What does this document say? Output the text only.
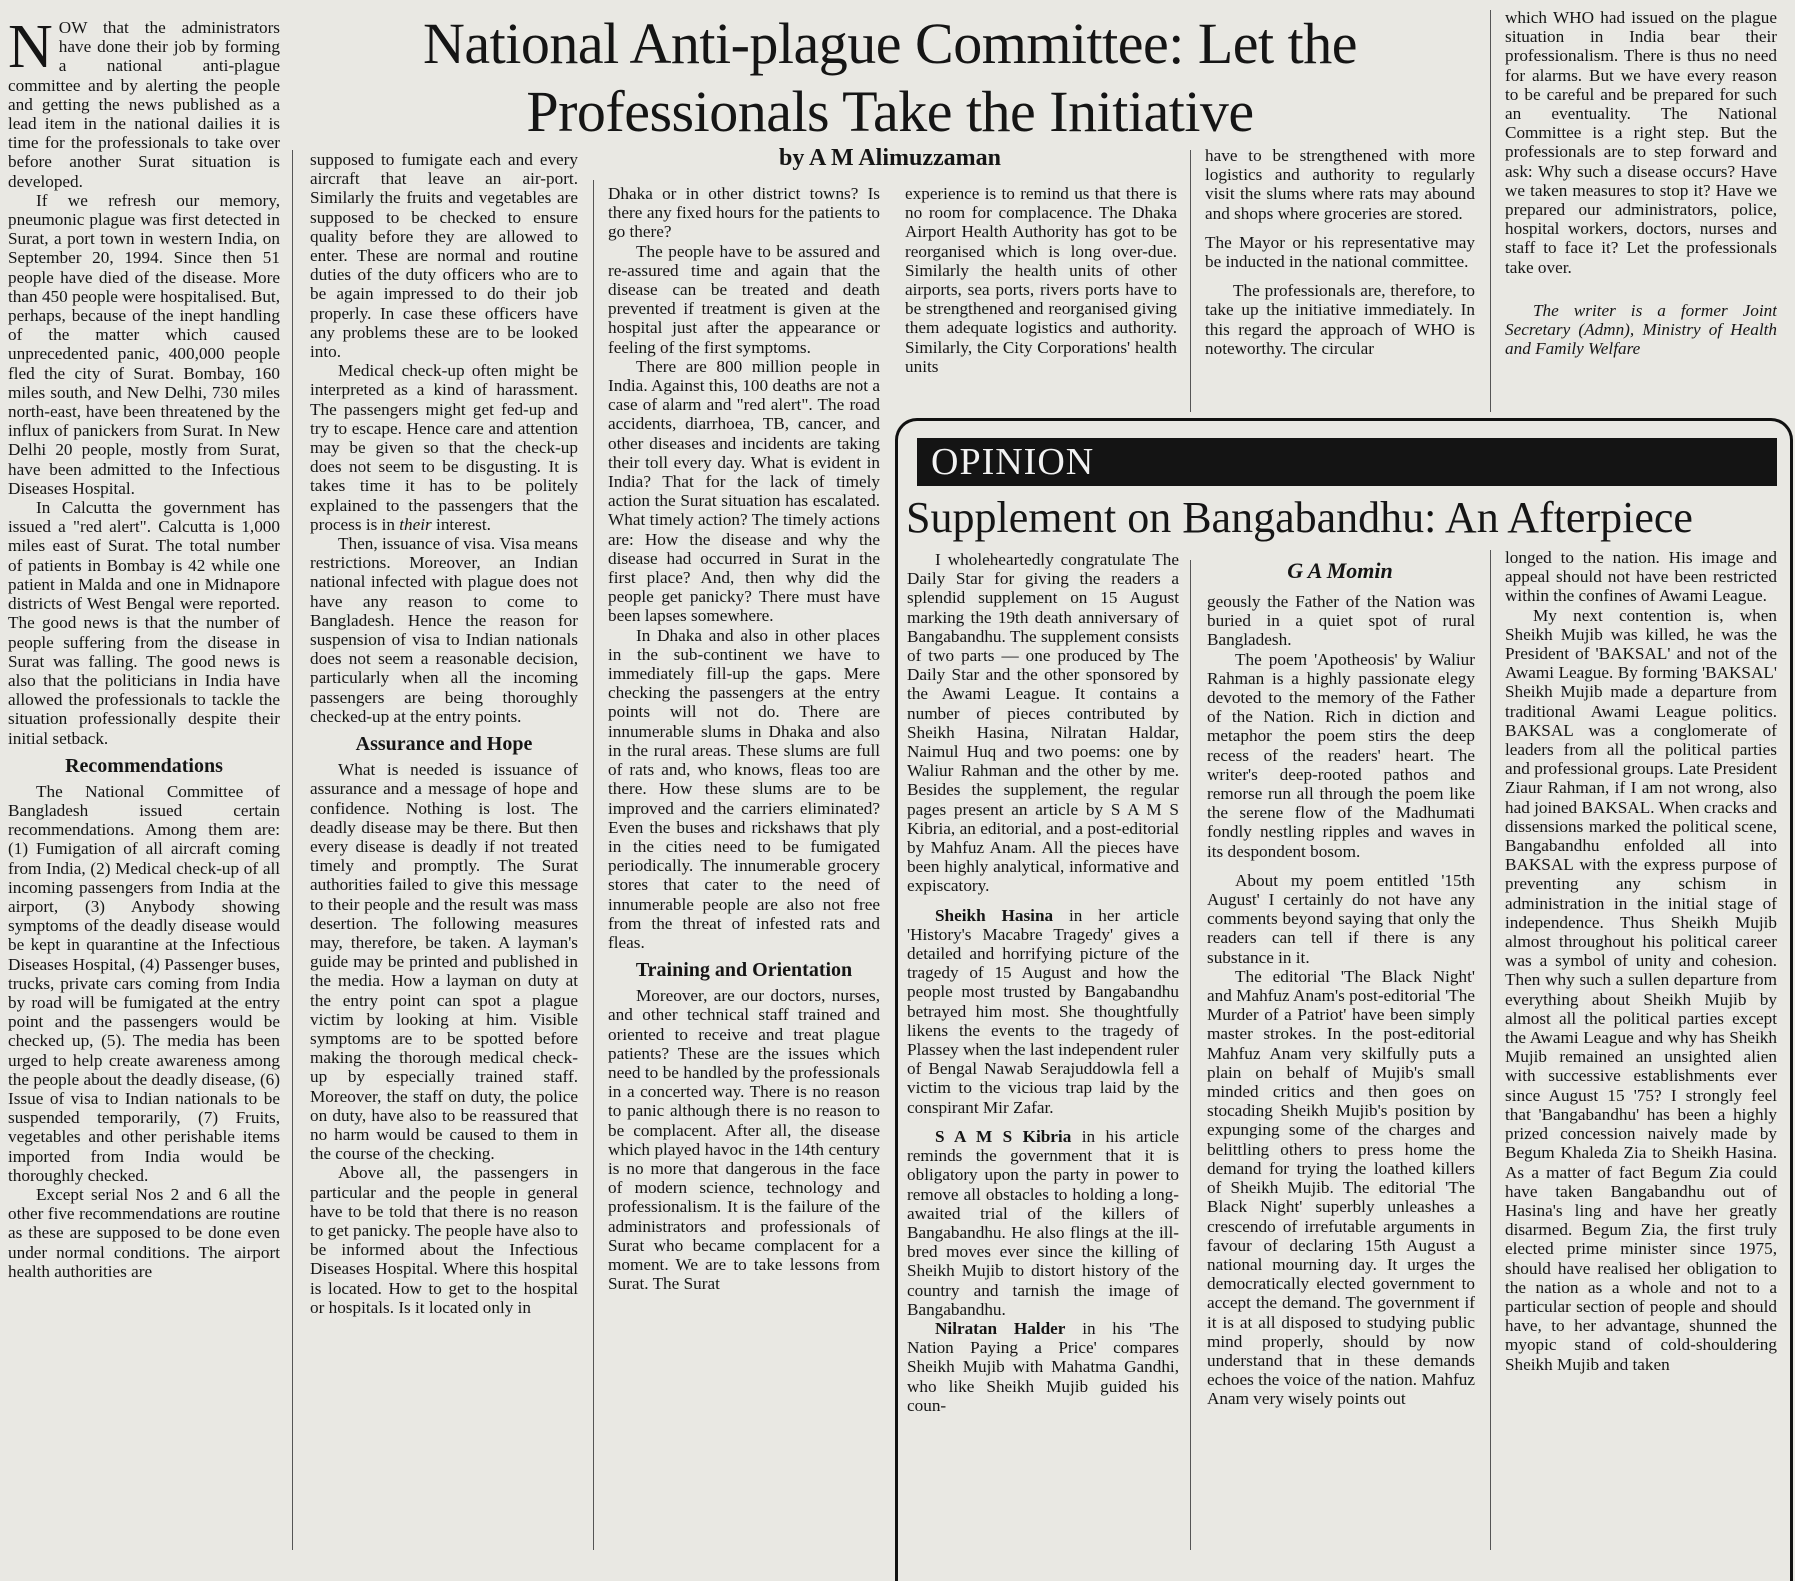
National Anti-plague Committee: Let the
Professionals Take the Initiative
by A M Alimuzzaman

NOW that the administrators have done their job by forming a national anti-plague committee and by alerting the people and getting the news published as a lead item in the national dailies it is time for the professionals to take over before another Surat situation is developed.

If we refresh our memory, pneumonic plague was first detected in Surat, a port town in western India, on September 20, 1994. Since then 51 people have died of the disease. More than 450 people were hospitalised. But, perhaps, because of the inept handling of the matter which caused unprecedented panic, 400,000 people fled the city of Surat. Bombay, 160 miles south, and New Delhi, 730 miles north-east, have been threatened by the influx of panickers from Surat. In New Delhi 20 people, mostly from Surat, have been admitted to the Infectious Diseases Hospital.

In Calcutta the government has issued a "red alert". Calcutta is 1,000 miles east of Surat. The total number of patients in Bombay is 42 while one patient in Malda and one in Midnapore districts of West Bengal were reported. The good news is that the number of people suffering from the disease in Surat was falling. The good news is also that the politicians in India have allowed the professionals to tackle the situation professionally despite their initial setback.

Recommendations

The National Committee of Bangladesh issued certain recommendations. Among them are: (1) Fumigation of all aircraft coming from India, (2) Medical check-up of all incoming passengers from India at the airport, (3) Anybody showing symptoms of the deadly disease would be kept in quarantine at the Infectious Diseases Hospital, (4) Passenger buses, trucks, private cars coming from India by road will be fumigated at the entry point and the passengers would be checked up, (5). The media has been urged to help create awareness among the people about the deadly disease, (6) Issue of visa to Indian nationals to be suspended temporarily, (7) Fruits, vegetables and other perishable items imported from India would be thoroughly checked.

Except serial Nos 2 and 6 all the other five recommendations are routine as these are supposed to be done even under normal conditions. The airport health authorities are

supposed to fumigate each and every aircraft that leave an air-port. Similarly the fruits and vegetables are supposed to be checked to ensure quality before they are allowed to enter. These are normal and routine duties of the duty officers who are to be again impressed to do their job properly. In case these officers have any problems these are to be looked into.

Medical check-up often might be interpreted as a kind of harassment. The passengers might get fed-up and try to escape. Hence care and attention may be given so that the check-up does not seem to be disgusting. It is takes time it has to be politely explained to the passengers that the process is in their interest.

Then, issuance of visa. Visa means restrictions. Moreover, an Indian national infected with plague does not have any reason to come to Bangladesh. Hence the reason for suspension of visa to Indian nationals does not seem a reasonable decision, particularly when all the incoming passengers are being thoroughly checked-up at the entry points.

Assurance and Hope

What is needed is issuance of assurance and a message of hope and confidence. Nothing is lost. The deadly disease may be there. But then every disease is deadly if not treated timely and promptly. The Surat authorities failed to give this message to their people and the result was mass desertion. The following measures may, therefore, be taken. A layman's guide may be printed and published in the media. How a layman on duty at the entry point can spot a plague victim by looking at him. Visible symptoms are to be spotted before making the thorough medical check-up by especially trained staff. Moreover, the staff on duty, the police on duty, have also to be reassured that no harm would be caused to them in the course of the checking.

Above all, the passengers in particular and the people in general have to be told that there is no reason to get panicky. The people have also to be informed about the Infectious Diseases Hospital. Where this hospital is located. How to get to the hospital or hospitals. Is it located only in

Dhaka or in other district towns? Is there any fixed hours for the patients to go there?

The people have to be assured and re-assured time and again that the disease can be treated and death prevented if treatment is given at the hospital just after the appearance or feeling of the first symptoms.

There are 800 million people in India. Against this, 100 deaths are not a case of alarm and "red alert". The road accidents, diarrhoea, TB, cancer, and other diseases and incidents are taking their toll every day. What is evident in India? That for the lack of timely action the Surat situation has escalated. What timely action? The timely actions are: How the disease and why the disease had occurred in Surat in the first place? And, then why did the people get panicky? There must have been lapses somewhere.

In Dhaka and also in other places in the sub-continent we have to immediately fill-up the gaps. Mere checking the passengers at the entry points will not do. There are innumerable slums in Dhaka and also in the rural areas. These slums are full of rats and, who knows, fleas too are there. How these slums are to be improved and the carriers eliminated? Even the buses and rickshaws that ply in the cities need to be fumigated periodically. The innumerable grocery stores that cater to the need of innumerable people are also not free from the threat of infested rats and fleas.

Training and Orientation

Moreover, are our doctors, nurses, and other technical staff trained and oriented to receive and treat plague patients? These are the issues which need to be handled by the professionals in a concerted way. There is no reason to panic although there is no reason to be complacent. After all, the disease which played havoc in the 14th century is no more that dangerous in the face of modern science, technology and professionalism. It is the failure of the administrators and professionals of Surat who became complacent for a moment. We are to take lessons from Surat. The Surat

experience is to remind us that there is no room for complacence. The Dhaka Airport Health Authority has got to be reorganised which is long over-due. Similarly the health units of other airports, sea ports, rivers ports have to be strengthened and reorganised giving them adequate logistics and authority. Similarly, the City Corporations' health units

have to be strengthened with more logistics and authority to regularly visit the slums where rats may abound and shops where groceries are stored.

The Mayor or his representative may be inducted in the national committee.

The professionals are, therefore, to take up the initiative immediately. In this regard the approach of WHO is noteworthy. The circular

which WHO had issued on the plague situation in India bear their professionalism. There is thus no need for alarms. But we have every reason to be careful and be prepared for such an eventuality. The National Committee is a right step. But the professionals are to step forward and ask: Why such a disease occurs? Have we taken measures to stop it? Have we prepared our administrators, police, hospital workers, doctors, nurses and staff to face it? Let the professionals take over.

The writer is a former Joint Secretary (Admn), Ministry of Health and Family Welfare

OPINION
Supplement on Bangabandhu: An Afterpiece
G A Momin

I wholeheartedly congratulate The Daily Star for giving the readers a splendid supplement on 15 August marking the 19th death anniversary of Bangabandhu. The supplement consists of two parts — one produced by The Daily Star and the other sponsored by the Awami League. It contains a number of pieces contributed by Sheikh Hasina, Nilratan Haldar, Naimul Huq and two poems: one by Waliur Rahman and the other by me. Besides the supplement, the regular pages present an article by S A M S Kibria, an editorial, and a post-editorial by Mahfuz Anam. All the pieces have been highly analytical, informative and expiscatory.

Sheikh Hasina in her article 'History's Macabre Tragedy' gives a detailed and horrifying picture of the tragedy of 15 August and how the people most trusted by Bangabandhu betrayed him most. She thoughtfully likens the events to the tragedy of Plassey when the last independent ruler of Bengal Nawab Serajuddowla fell a victim to the vicious trap laid by the conspirant Mir Zafar.

S A M S Kibria in his article reminds the government that it is obligatory upon the party in power to remove all obstacles to holding a long-awaited trial of the killers of Bangabandhu. He also flings at the ill-bred moves ever since the killing of Sheikh Mujib to distort history of the country and tarnish the image of Bangabandhu.

Nilratan Halder in his 'The Nation Paying a Price' compares Sheikh Mujib with Mahatma Gandhi, who like Sheikh Mujib guided his coun-

geously the Father of the Nation was buried in a quiet spot of rural Bangladesh.

The poem 'Apotheosis' by Waliur Rahman is a highly passionate elegy devoted to the memory of the Father of the Nation. Rich in diction and metaphor the poem stirs the deep recess of the readers' heart. The writer's deep-rooted pathos and remorse run all through the poem like the serene flow of the Madhumati fondly nestling ripples and waves in its despondent bosom.

About my poem entitled '15th August' I certainly do not have any comments beyond saying that only the readers can tell if there is any substance in it.

The editorial 'The Black Night' and Mahfuz Anam's post-editorial 'The Murder of a Patriot' have been simply master strokes. In the post-editorial Mahfuz Anam very skilfully puts a plain on behalf of Mujib's small minded critics and then goes on stocading Sheikh Mujib's position by expunging some of the charges and belittling others to press home the demand for trying the loathed killers of Sheikh Mujib. The editorial 'The Black Night' superbly unleashes a crescendo of irrefutable arguments in favour of declaring 15th August a national mourning day. It urges the democratically elected government to accept the demand. The government if it is at all disposed to studying public mind properly, should by now understand that in these demands echoes the voice of the nation. Mahfuz Anam very wisely points out

longed to the nation. His image and appeal should not have been restricted within the confines of Awami League.

My next contention is, when Sheikh Mujib was killed, he was the President of 'BAKSAL' and not of the Awami League. By forming 'BAKSAL' Sheikh Mujib made a departure from traditional Awami League politics. BAKSAL was a conglomerate of leaders from all the political parties and professional groups. Late President Ziaur Rahman, if I am not wrong, also had joined BAKSAL. When cracks and dissensions marked the political scene, Bangabandhu enfolded all into BAKSAL with the express purpose of preventing any schism in administration in the initial stage of independence. Thus Sheikh Mujib almost throughout his political career was a symbol of unity and cohesion. Then why such a sullen departure from everything about Sheikh Mujib by almost all the political parties except the Awami League and why has Sheikh Mujib remained an unsighted alien with successive establishments ever since August 15 '75? I strongly feel that 'Bangabandhu' has been a highly prized concession naively made by Begum Khaleda Zia to Sheikh Hasina. As a matter of fact Begum Zia could have taken Bangabandhu out of Hasina's ling and have her greatly disarmed. Begum Zia, the first truly elected prime minister since 1975, should have realised her obligation to the nation as a whole and not to a particular section of people and should have, to her advantage, shunned the myopic stand of cold-shouldering Sheikh Mujib and taken
